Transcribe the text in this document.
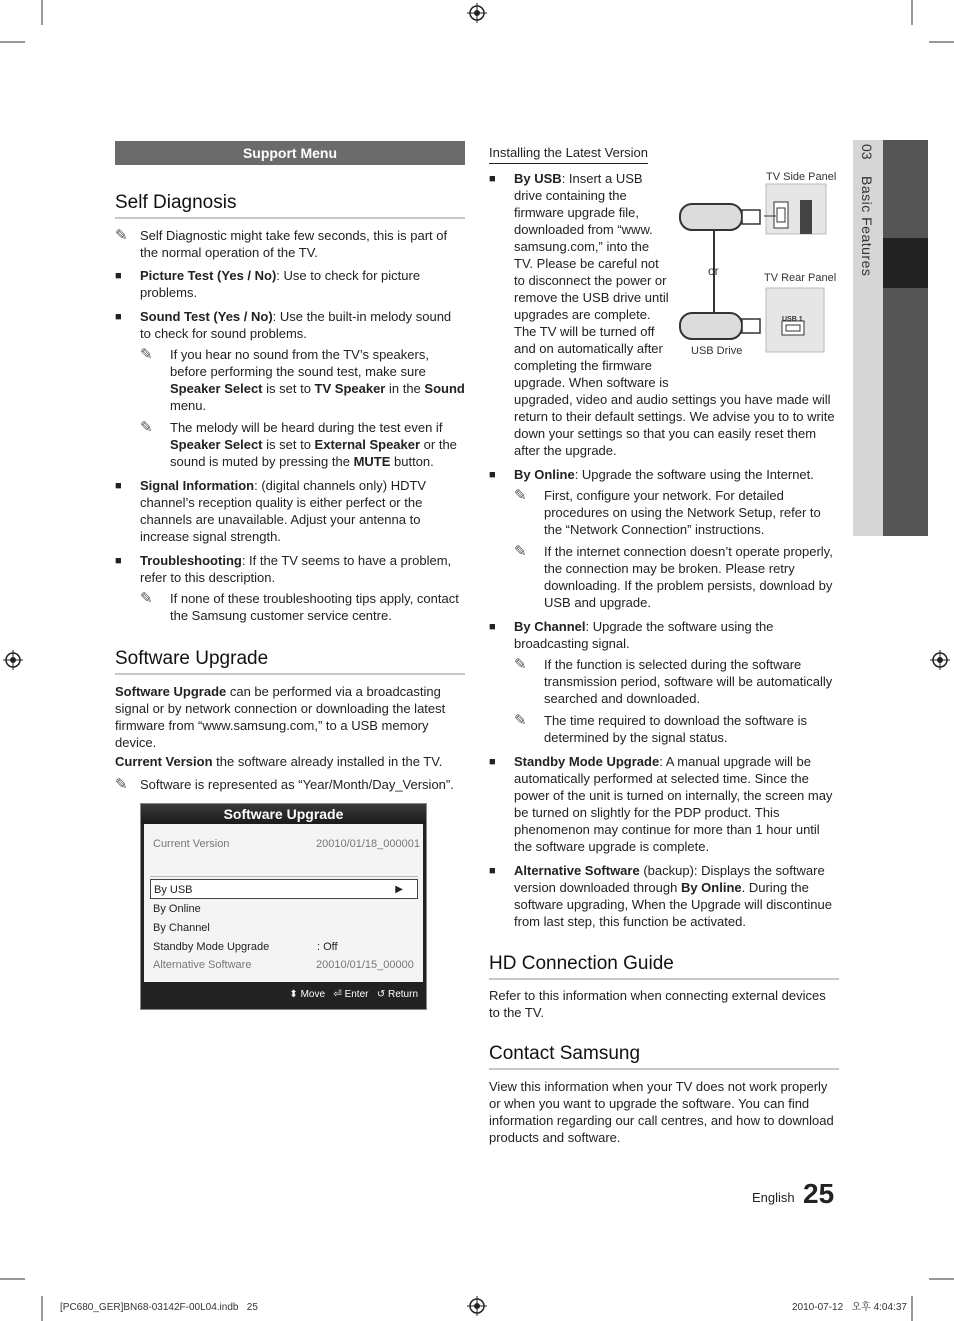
Support Menu
Self Diagnosis
✎ Self Diagnostic might take few seconds, this is part of the normal operation of the TV.
■ Picture Test (Yes / No): Use to check for picture problems.
■ Sound Test (Yes / No): Use the built-in melody sound to check for sound problems.
✎ If you hear no sound from the TV’s speakers, before performing the sound test, make sure Speaker Select is set to TV Speaker in the Sound menu.
✎ The melody will be heard during the test even if Speaker Select is set to External Speaker or the sound is muted by pressing the MUTE button.
■ Signal Information: (digital channels only) HDTV channel’s reception quality is either perfect or the channels are unavailable. Adjust your antenna to increase signal strength.
■ Troubleshooting: If the TV seems to have a problem, refer to this description.
✎ If none of these troubleshooting tips apply, contact the Samsung customer service centre.
Software Upgrade
Software Upgrade can be performed via a broadcasting signal or by network connection or downloading the latest firmware from “www.samsung.com,” to a USB memory device.
Current Version the software already installed in the TV.
✎ Software is represented as “Year/Month/Day_Version”.
Software Upgrade
Current Version	20010/01/18_000001
By USB	▶
By Online
By Channel
Standby Mode Upgrade	: Off
Alternative Software	20010/01/15_00000
⬍ Move ⏎ Enter ↺ Return
Installing the Latest Version
■ By USB: Insert a USB
drive containing the
firmware upgrade file,
downloaded from “www.
samsung.com,” into the
TV. Please be careful not
to disconnect the power or
remove the USB drive until
upgrades are complete.
The TV will be turned off
and on automatically after
completing the firmware
upgrade. When software is
upgraded, video and audio settings you have made will return to their default settings. We advise you to to write down your settings so that you can easily reset them after the upgrade.
■ By Online: Upgrade the software using the Internet.
✎ First, configure your network. For detailed procedures on using the Network Setup, refer to the “Network Connection” instructions.
✎ If the internet connection doesn’t operate properly, the connection may be broken. Please retry downloading. If the problem persists, download by USB and upgrade.
■ By Channel: Upgrade the software using the broadcasting signal.
✎ If the function is selected during the software transmission period, software will be automatically searched and downloaded.
✎ The time required to download the software is determined by the signal status.
■ Standby Mode Upgrade: A manual upgrade will be automatically performed at selected time. Since the power of the unit is turned on internally, the screen may be turned on slightly for the PDP product. This phenomenon may continue for more than 1 hour until the software upgrade is complete.
■ Alternative Software (backup): Displays the software version downloaded through By Online. During the software upgrading, When the Upgrade will discontinue from last step, this function be activated.
HD Connection Guide
Refer to this information when connecting external devices to the TV.
Contact Samsung
View this information when your TV does not work properly or when you want to upgrade the software. You can find information regarding our call centres, and how to download products and software.
TV Side Panel
TV Rear Panel
or
USB Drive
USB 1
03
Basic Features
English 25
[PC680_GER]BN68-03142F-00L04.indb   25	2010-07-12   오후 4:04:37
